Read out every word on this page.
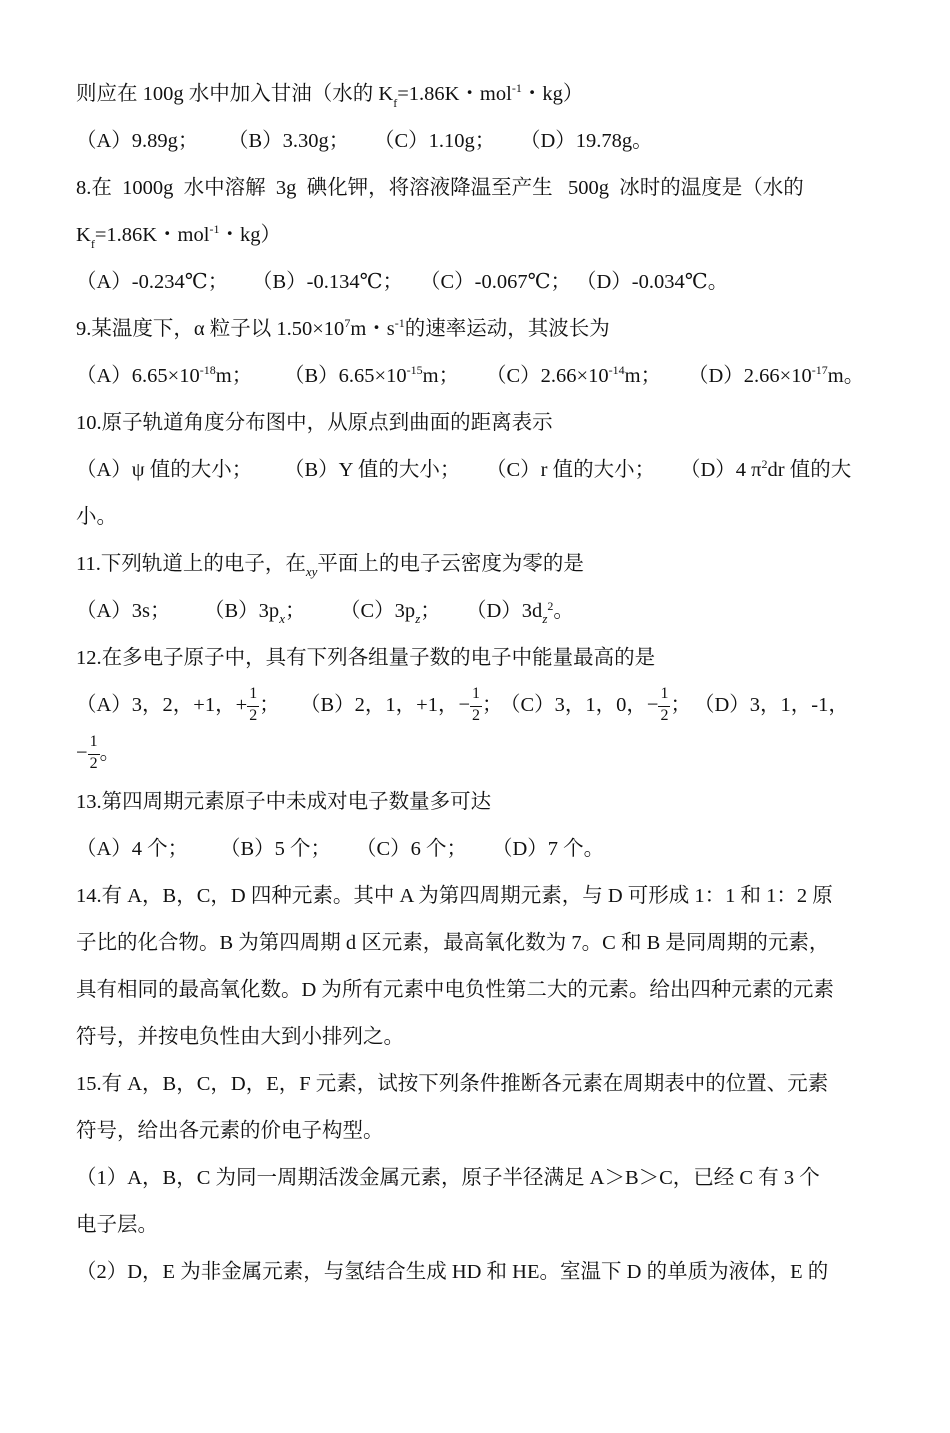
则应在 100g 水中加入甘油（水的 $K_f=1.86K$・mol$^{-1}$・kg）
（A）9.89g； （B）3.30g； （C）1.10g； （D）19.78g。
8.在  1000g  水中溶解  3g  碘化钾，将溶液降温至产生   500g  冰时的温度是（水的
$K_f=1.86K$・mol$^{-1}$・kg）
（A）-0.234℃； （B）-0.134℃； （C）-0.067℃； （D）-0.034℃。
9.某温度下，α 粒子以 $1.50\times 10^7m$・$s^{-1}$的速率运动，其波长为
$(A)6.65\times 10^{-18}m$； $(B)6.65\times 10^{-15}m$； $(C)2.66\times 10^{-14}m$； $(D)2.66\times 10^{-17}m$。
10.原子轨道角度分布图中，从原点到曲面的距离表示
（A）ψ 值的大小； （B）Y 值的大小； （C）r 值的大小； （D）4 $\pi^2dr$ 值的大
小。
11.下列轨道上的电子，在$_{xy}$平面上的电子云密度为零的是
（A）3s； $(B)3p_x$； $(C)3p_z$； $(D)3d_z^2$。
12.在多电子原子中，具有下列各组量子数的电子中能量最高的是
（A）3，2，+1，+ $\frac{1}{2}$ ； （B）2，1，+1，− $\frac{1}{2}$ ；
（C）3，1，0，− $\frac{1}{2}$ ； （D）3，1，-1，
− $\frac{1}{2}$ 。
13.第四周期元素原子中未成对电子数量多可达
（A）4 个； （B）5 个； （C）6 个； （D）7 个。
14.有 A，B，C，D 四种元素。其中 A 为第四周期元素，与 D 可形成 1：1 和 1：2 原
子比的化合物。B 为第四周期 d 区元素，最高氧化数为 7。C 和 B 是同周期的元素，
具有相同的最高氧化数。D 为所有元素中电负性第二大的元素。给出四种元素的元素
符号，并按电负性由大到小排列之。
15.有 A，B，C，D，E，F 元素，试按下列条件推断各元素在周期表中的位置、元素
符号，给出各元素的价电子构型。
（1）A，B，C 为同一周期活泼金属元素，原子半径满足 A＞B＞C，已经 C 有 3 个
电子层。
（2）D，E 为非金属元素，与氢结合生成 HD 和 HE。室温下 D 的单质为液体，E 的
